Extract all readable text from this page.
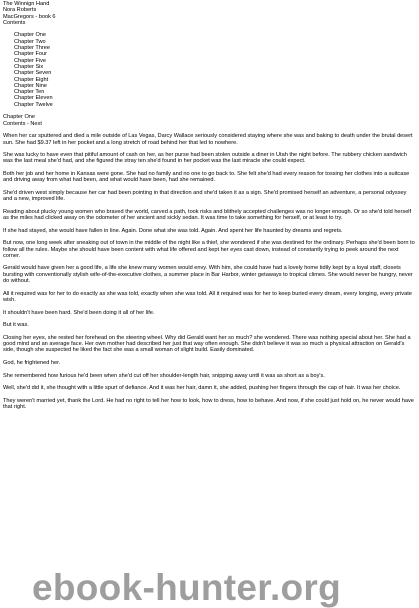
The Winnign Hand
Nora Roberts
MacGregors - book 6
Contents
Chapter One
Chapter Two
Chapter Three
Chapter Four
Chapter Five
Chapter Six
Chapter Seven
Chapter Eight
Chapter Nine
Chapter Ten
Chapter Eleven
Chapter Twelve
Chapter One
Contents - Next

When her car sputtered and died a mile outside of Las Vegas, Darcy Wallace seriously considered staying where she was and baking to death under the brutal desert sun. She had $9.37 left in her pocket and a long stretch of road behind her that led to nowhere.

She was lucky to have even that pitiful amount of cash on her, as her purse had been stolen outside a diner in Utah the night before. The rubbery chicken sandwich was the last meal she'd had, and she figured the stray ten she'd found in her pocket was the last miracle she could expect.

Both her job and her home in Kansas were gone. She had no family and no one to go back to. She felt she'd had every reason for tossing her clothes into a suitcase and driving away from what had been, and what would have been, had she remained.

She'd driven west simply because her car had been pointing in that direction and she'd taken it as a sign. She'd promised herself an adventure, a personal odyssey and a new, improved life.

Reading about plucky young women who braved the world, carved a path, took risks and blithely accepted challenges was no longer enough. Or so she'd told herself as the miles had clicked away on the odometer of her ancient and sickly sedan. It was time to take something for herself, or at least to try.

If she had stayed, she would have fallen in line. Again. Done what she was told. Again. And spent her life haunted by dreams and regrets.

But now, one long week after sneaking out of town in the middle of the night like a thief, she wondered if she was destined for the ordinary. Perhaps she'd been born to follow all the rules. Maybe she should have been content with what life offered and kept her eyes cast down, instead of constantly trying to peek around the next corner.

Gerald would have given her a good life, a life she knew many women would envy. With him, she could have had a lovely home tidily kept by a loyal staff, closets bursting with conventionally stylish wife-of-the-executive clothes, a summer place in Bar Harbor, winter getaways to tropical climes. She would never be hungry, never do without.

All it required was for her to do exactly as she was told, exactly when she was told. All it required was for her to keep buried every dream, every longing, every private wish.

It shouldn't have been hard. She'd been doing it all of her life.

But it was.

Closing her eyes, she rested her forehead on the steering wheel. Why did Gerald want her so much? she wondered. There was nothing special about her. She had a good mind and an average face. Her own mother had described her just that way often enough. She didn't believe it was so much a physical attraction on Gerald's side, though she suspected he liked the fact she was a small woman of slight build. Easily dominated.

God, he frightened her.

She remembered how furious he'd been when she'd cut off her shoulder-length hair, snipping away until it was as short as a boy's.

Well, she'd did it, she thought with a little spurt of defiance. And it was her hair, damn it, she added, pushing her fingers through the cap of hair. It was her choice.

They weren't married yet, thank the Lord. He had no right to tell her how to look, how to dress, how to behave. And now, if she could just hold on, he never would have that right.

ebook-hunter.org
